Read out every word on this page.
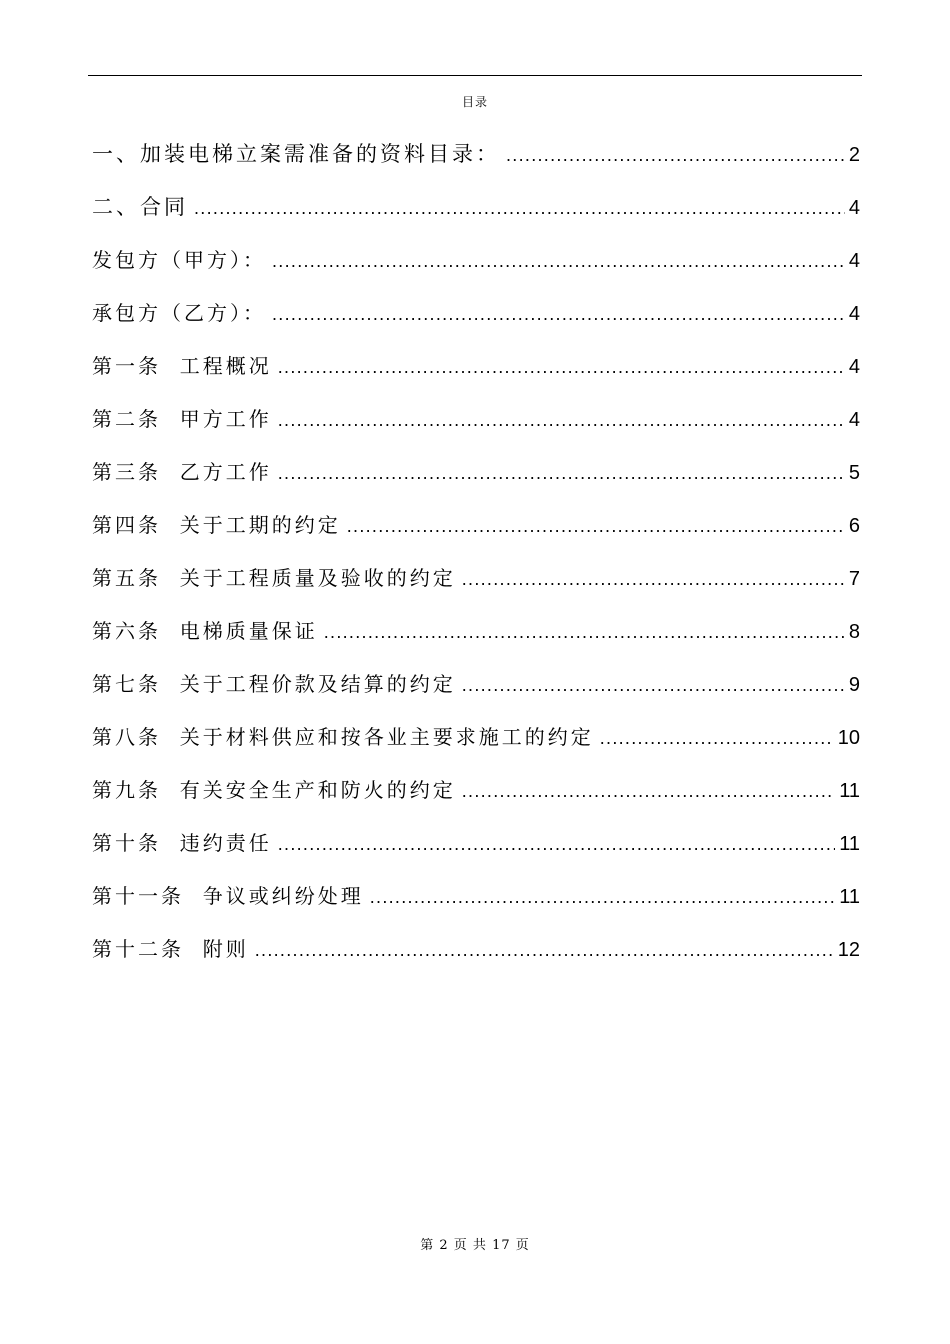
目录
一、加装电梯立案需准备的资料目录： .....	2
二、合同 .....	4
发包方（甲方）： .....	4
承包方（乙方）： .....	4
第一条  工程概况 .....	4
第二条  甲方工作 .....	4
第三条  乙方工作 .....	5
第四条  关于工期的约定 .....	6
第五条  关于工程质量及验收的约定 .....	7
第六条  电梯质量保证 .....	8
第七条  关于工程价款及结算的约定 .....	9
第八条  关于材料供应和按各业主要求施工的约定 .....	10
第九条  有关安全生产和防火的约定 .....	11
第十条  违约责任 .....	11
第十一条  争议或纠纷处理 .....	11
第十二条  附则 .....	12
第 2 页 共 17 页
